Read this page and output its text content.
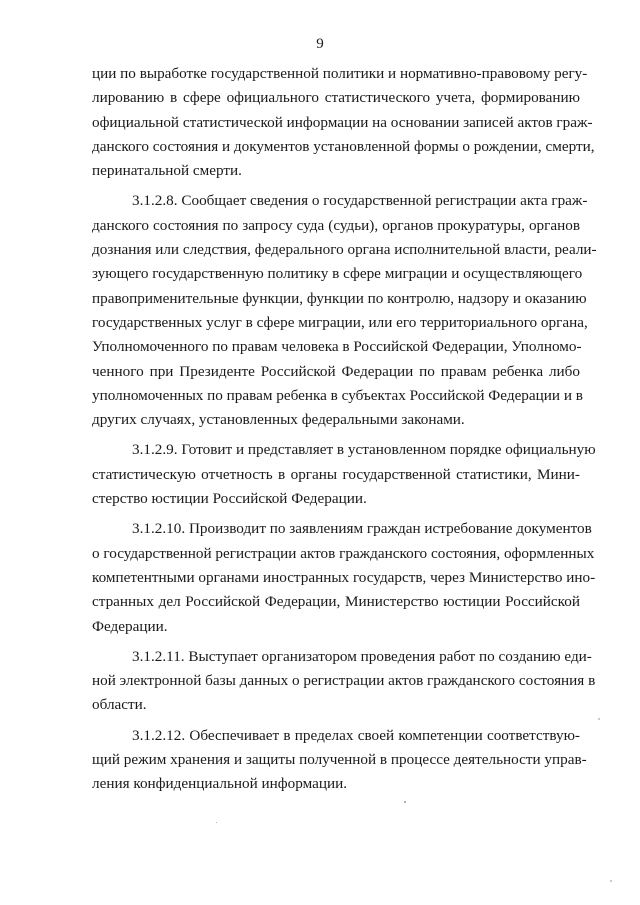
9
ции по выработке государственной политики и нормативно-правовому регу-
лированию в сфере официального статистического учета, формированию
официальной статистической информации на основании записей актов граж-
данского состояния и документов установленной формы о рождении, смерти,
перинатальной смерти.
3.1.2.8. Сообщает сведения о государственной регистрации акта граж-
данского состояния по запросу суда (судьи), органов прокуратуры, органов
дознания или следствия, федерального органа исполнительной власти, реали-
зующего государственную политику в сфере миграции и осуществляющего
правоприменительные функции, функции по контролю, надзору и оказанию
государственных услуг в сфере миграции, или его территориального органа,
Уполномоченного по правам человека в Российской Федерации, Уполномо-
ченного при Президенте Российской Федерации по правам ребенка либо
уполномоченных по правам ребенка в субъектах Российской Федерации и в
других случаях, установленных федеральными законами.
3.1.2.9. Готовит и представляет в установленном порядке официальную
статистическую отчетность в органы государственной статистики, Мини-
стерство юстиции Российской Федерации.
3.1.2.10. Производит по заявлениям граждан истребование документов
о государственной регистрации актов гражданского состояния, оформленных
компетентными органами иностранных государств, через Министерство ино-
странных дел Российской Федерации, Министерство юстиции Российской
Федерации.
3.1.2.11. Выступает организатором проведения работ по созданию еди-
ной электронной базы данных о регистрации актов гражданского состояния в
области.
3.1.2.12. Обеспечивает в пределах своей компетенции соответствую-
щий режим хранения и защиты полученной в процессе деятельности управ-
ления конфиденциальной информации.
